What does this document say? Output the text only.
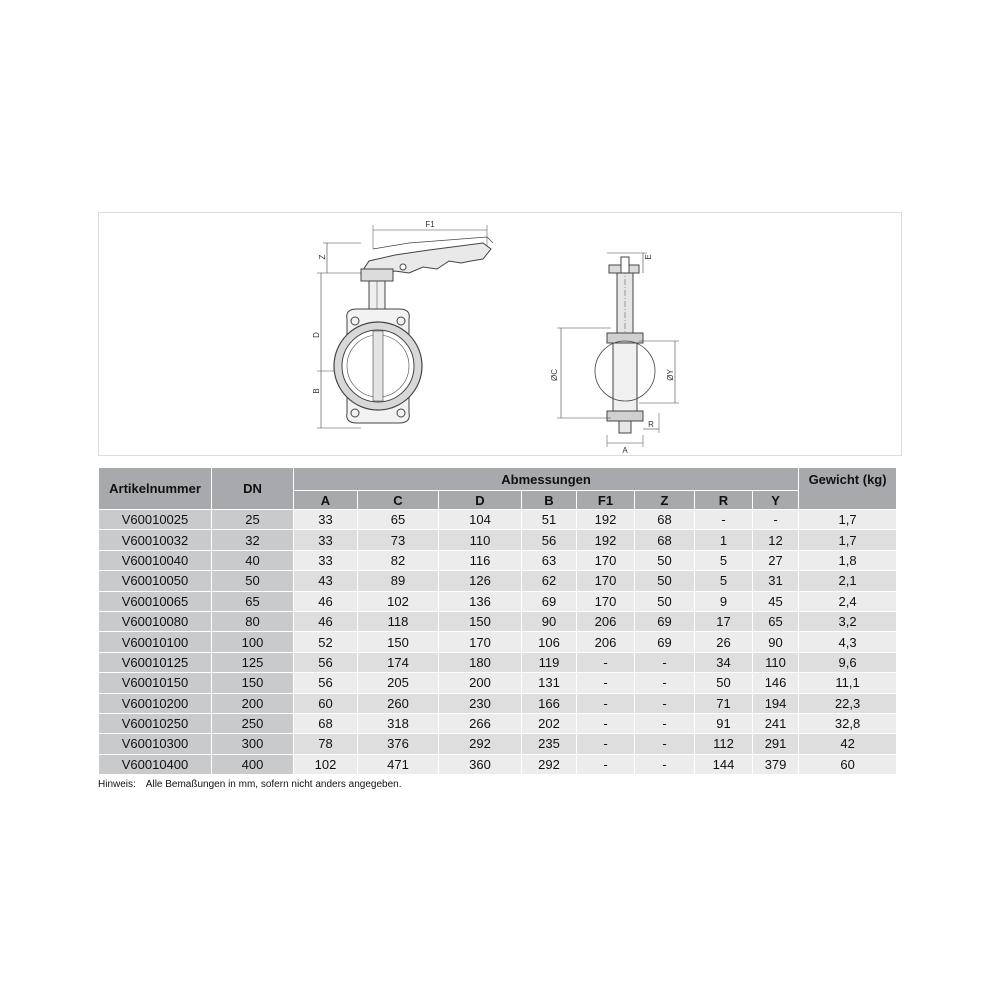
F1
Z
D
B
E
ØC	ØY
A
R
Artikelnummer	DN	Abmessungen								Gewicht (kg)
		A	C	D	B	F1	Z	R	Y	
V60010025	25	33	65	104	51	192	68	-	-	1,7
V60010032	32	33	73	110	56	192	68	1	12	1,7
V60010040	40	33	82	116	63	170	50	5	27	1,8
V60010050	50	43	89	126	62	170	50	5	31	2,1
V60010065	65	46	102	136	69	170	50	9	45	2,4
V60010080	80	46	118	150	90	206	69	17	65	3,2
V60010100	100	52	150	170	106	206	69	26	90	4,3
V60010125	125	56	174	180	119	-	-	34	110	9,6
V60010150	150	56	205	200	131	-	-	50	146	11,1
V60010200	200	60	260	230	166	-	-	71	194	22,3
V60010250	250	68	318	266	202	-	-	91	241	32,8
V60010300	300	78	376	292	235	-	-	112	291	42
V60010400	400	102	471	360	292	-	-	144	379	60
Hinweis: Alle Bemaßungen in mm, sofern nicht anders angegeben.
